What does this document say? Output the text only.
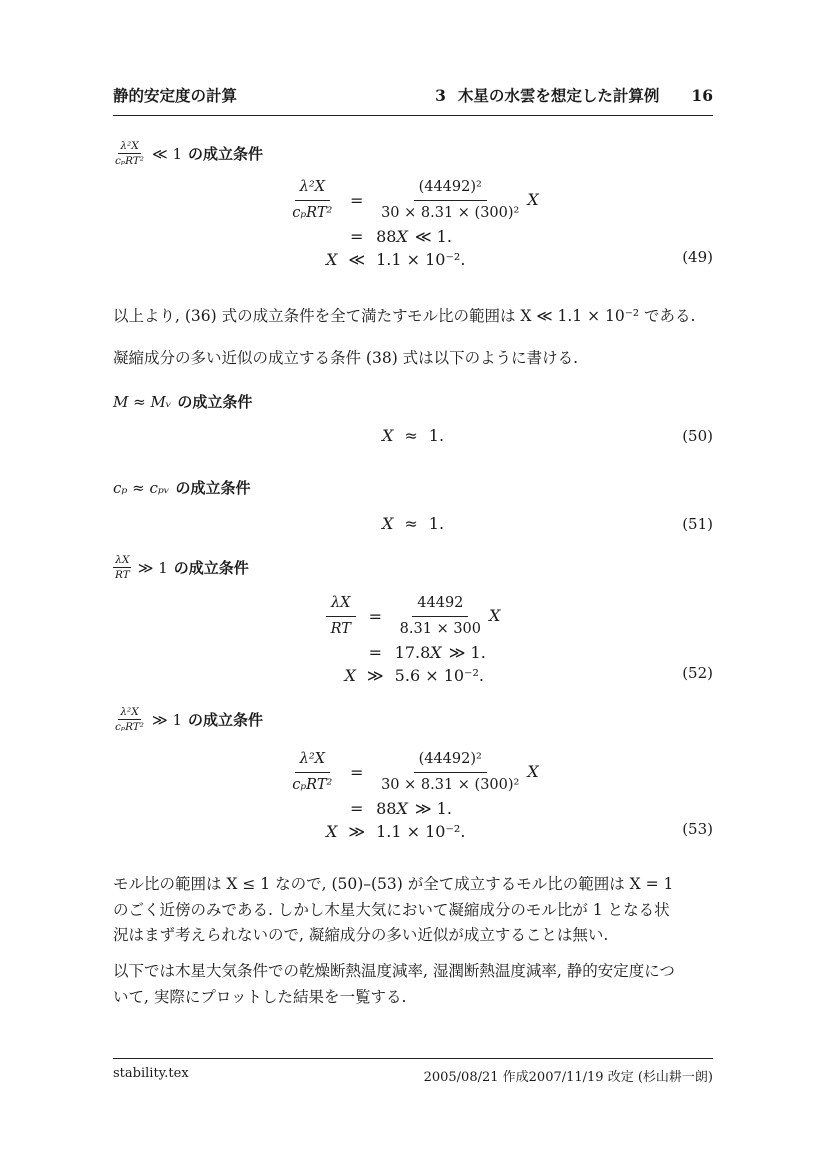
静的安定度の計算	3 木星の水雲を想定した計算例 16
λ²X
cₚRT² ≪ 1 の成立条件
$\frac{\text{λ²X}}{\text{cₚRT²}}$	=	$\frac{\text{(44492)²}}{\text{30 × 8.31 × (300)²}}$ X
	=	88X ≪ 1.
X	≪	1.1 × 10⁻².	(49)
以上より, (36) 式の成立条件を全て満たすモル比の範囲は X ≪ 1.1 × 10⁻² である.
凝縮成分の多い近似の成立する条件 (38) 式は以下のように書ける.
M ≈ Mᵥ の成立条件
X	≈	1.	(50)
cₚ ≈ cₚᵥ の成立条件
X	≈	1.	(51)
λX
RT ≫ 1 の成立条件
$\frac{\lambda X}{RT}$	=	$\frac{44492}{8.31 \times 300}$ X
	=	17.8X ≫ 1.
X	≫	5.6 × 10⁻².	(52)
λ²X
cₚRT² ≫ 1 の成立条件
$\frac{\text{λ²X}}{\text{cₚRT²}}$	=	$\frac{\text{(44492)²}}{\text{30 × 8.31 × (300)²}}$ X
	=	88X ≫ 1.
X	≫	1.1 × 10⁻².	(53)
モル比の範囲は X ≤ 1 なので, (50)–(53) が全て成立するモル比の範囲は X = 1
のごく近傍のみである. しかし木星大気において凝縮成分のモル比が 1 となる状
況はまず考えられないので, 凝縮成分の多い近似が成立することは無い.
以下では木星大気条件での乾燥断熱温度減率, 湿潤断熱温度減率, 静的安定度につ
いて, 実際にプロットした結果を一覧する.
stability.tex	2005/08/21 作成2007/11/19 改定 (杉山耕一朗)
